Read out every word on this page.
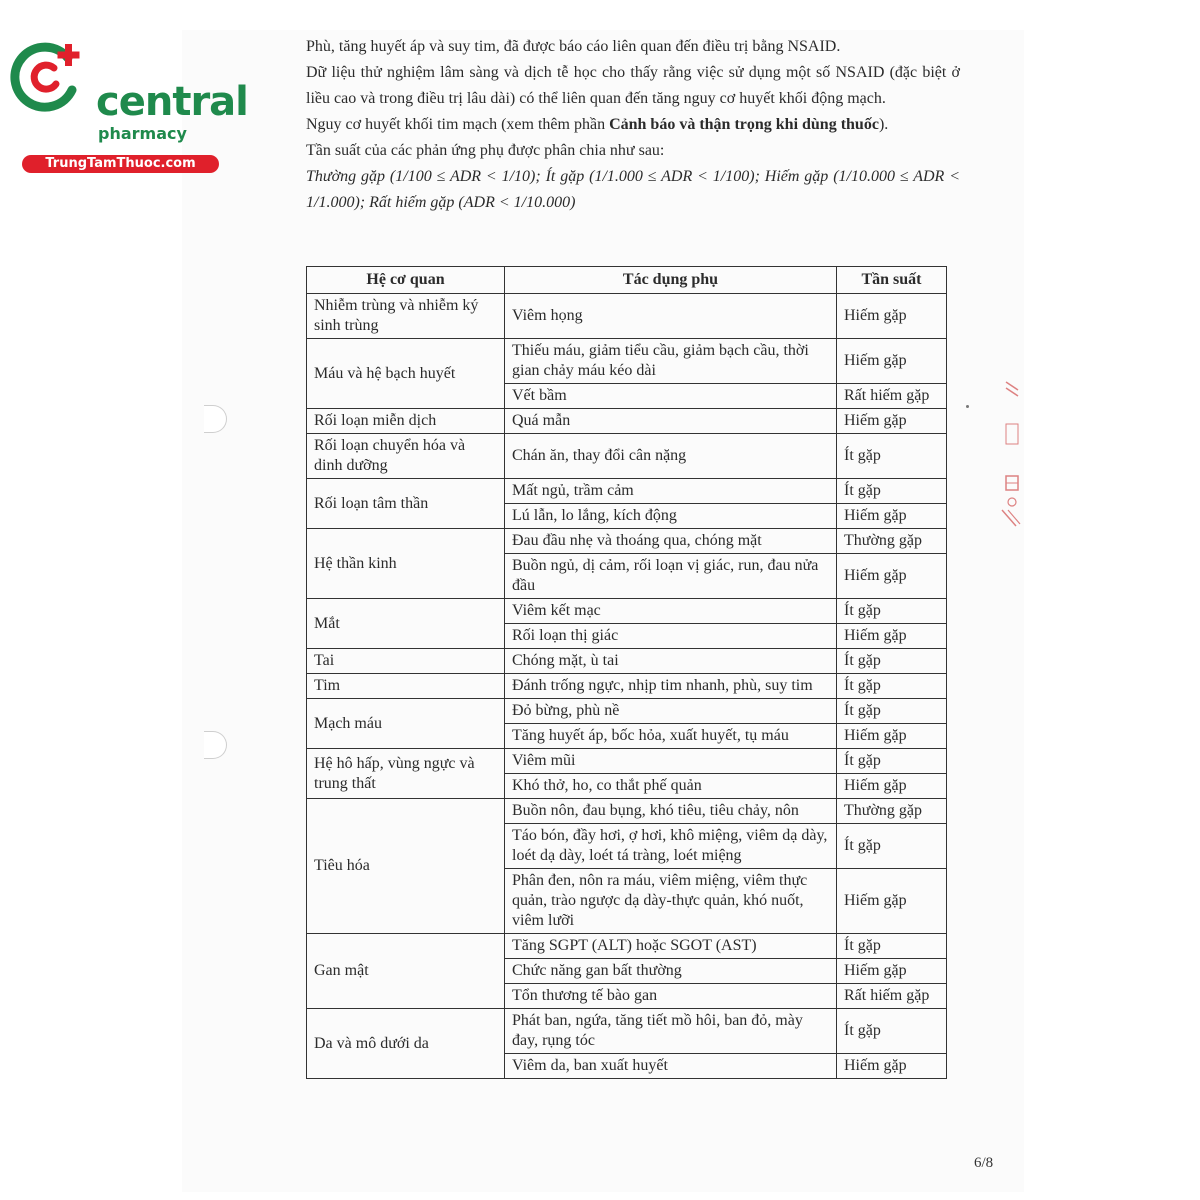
central
pharmacy
TrungTamThuoc.com

Phù, tăng huyết áp và suy tim, đã được báo cáo liên quan đến điều trị bằng NSAID.

Dữ liệu thử nghiệm lâm sàng và dịch tễ học cho thấy rằng việc sử dụng một số NSAID (đặc biệt ở liều cao và trong điều trị lâu dài) có thể liên quan đến tăng nguy cơ huyết khối động mạch.

Nguy cơ huyết khối tim mạch (xem thêm phần Cảnh báo và thận trọng khi dùng thuốc).

Tần suất của các phản ứng phụ được phân chia như sau:

Thường gặp (1/100 ≤ ADR < 1/10); Ít gặp (1/1.000 ≤ ADR < 1/100); Hiếm gặp (1/10.000 ≤ ADR < 1/1.000); Rất hiếm gặp (ADR < 1/10.000)

Hệ cơ quan	Tác dụng phụ	Tần suất
Nhiễm trùng và nhiễm ký sinh trùng	Viêm họng	Hiếm gặp
Máu và hệ bạch huyết	Thiếu máu, giảm tiểu cầu, giảm bạch cầu, thời gian chảy máu kéo dài	Hiếm gặp
	Vết bầm	Rất hiếm gặp
Rối loạn miễn dịch	Quá mẫn	Hiếm gặp
Rối loạn chuyển hóa và dinh dưỡng	Chán ăn, thay đổi cân nặng	Ít gặp
Rối loạn tâm thần	Mất ngủ, trầm cảm	Ít gặp
	Lú lẫn, lo lắng, kích động	Hiếm gặp
Hệ thần kinh	Đau đầu nhẹ và thoáng qua, chóng mặt	Thường gặp
	Buồn ngủ, dị cảm, rối loạn vị giác, run, đau nửa đầu	Hiếm gặp
Mắt	Viêm kết mạc	Ít gặp
	Rối loạn thị giác	Hiếm gặp
Tai	Chóng mặt, ù tai	Ít gặp
Tim	Đánh trống ngực, nhịp tim nhanh, phù, suy tim	Ít gặp
Mạch máu	Đỏ bừng, phù nề	Ít gặp
	Tăng huyết áp, bốc hỏa, xuất huyết, tụ máu	Hiếm gặp
Hệ hô hấp, vùng ngực và trung thất	Viêm mũi	Ít gặp
	Khó thở, ho, co thắt phế quản	Hiếm gặp
Tiêu hóa	Buồn nôn, đau bụng, khó tiêu, tiêu chảy, nôn	Thường gặp
	Táo bón, đầy hơi, ợ hơi, khô miệng, viêm dạ dày, loét dạ dày, loét tá tràng, loét miệng	Ít gặp
	Phân đen, nôn ra máu, viêm miệng, viêm thực quản, trào ngược dạ dày-thực quản, khó nuốt, viêm lưỡi	Hiếm gặp
Gan mật	Tăng SGPT (ALT) hoặc SGOT (AST)	Ít gặp
	Chức năng gan bất thường	Hiếm gặp
	Tổn thương tế bào gan	Rất hiếm gặp
Da và mô dưới da	Phát ban, ngứa, tăng tiết mồ hôi, ban đỏ, mày đay, rụng tóc	Ít gặp
	Viêm da, ban xuất huyết	Hiếm gặp
6/8
